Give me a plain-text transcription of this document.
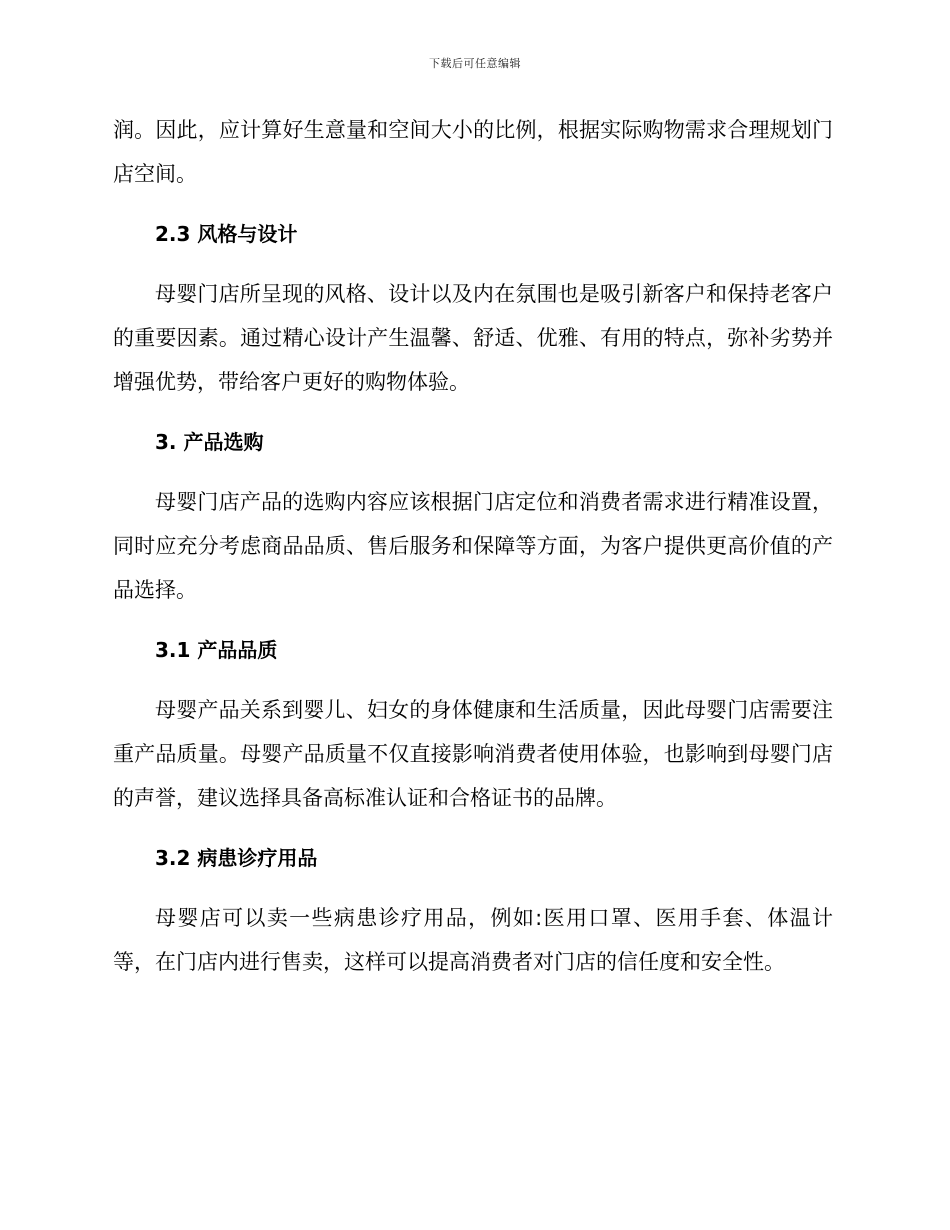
下载后可任意编辑

润。因此，应计算好生意量和空间大小的比例，根据实际购物需求合理规划门店空间。

2.3 风格与设计

母婴门店所呈现的风格、设计以及内在氛围也是吸引新客户和保持老客户的重要因素。通过精心设计产生温馨、舒适、优雅、有用的特点，弥补劣势并增强优势，带给客户更好的购物体验。

3. 产品选购

母婴门店产品的选购内容应该根据门店定位和消费者需求进行精准设置，同时应充分考虑商品品质、售后服务和保障等方面，为客户提供更高价值的产品选择。

3.1 产品品质

母婴产品关系到婴儿、妇女的身体健康和生活质量，因此母婴门店需要注重产品质量。母婴产品质量不仅直接影响消费者使用体验，也影响到母婴门店的声誉，建议选择具备高标准认证和合格证书的品牌。

3.2 病患诊疗用品

母婴店可以卖一些病患诊疗用品，例如:医用口罩、医用手套、体温计等，在门店内进行售卖，这样可以提高消费者对门店的信任度和安全性。
